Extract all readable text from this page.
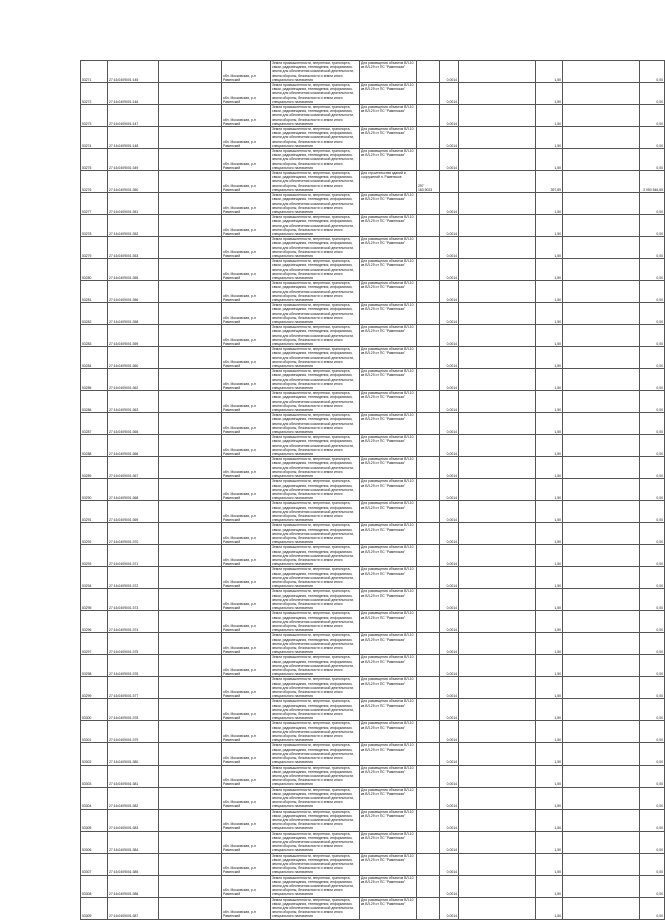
53271	27:16:0409001:145		обл. Московская, р-н Раменский	Земли промышленности, энергетики, транспорта, связи, радиовещания, телевидения, информатики, земли для обеспечения космической деятельности, земли обороны, безопасности и земли иного специального назначения	Для размещения объектов ВЛ-10 кв ВЛ-29 от ПС "Раменская"		0,0014		1,50		0,00
53272	27:16:0409001:146		обл. Московская, р-н Раменский	Земли промышленности, энергетики, транспорта, связи, радиовещания, телевидения, информатики, земли для обеспечения космической деятельности, земли обороны, безопасности и земли иного специального назначения	Для размещения объектов ВЛ-10 кв ВЛ-29 от ПС "Раменская"		0,0014		1,50		0,00
53273	27:16:0409001:147		обл. Московская, р-н Раменский	Земли промышленности, энергетики, транспорта, связи, радиовещания, телевидения, информатики, земли для обеспечения космической деятельности, земли обороны, безопасности и земли иного специального назначения	Для размещения объектов ВЛ-10 кв ВЛ-29 от ПС "Раменская"		0,0014		1,50		0,00
53274	27:16:0409001:148		обл. Московская, р-н Раменский	Земли промышленности, энергетики, транспорта, связи, радиовещания, телевидения, информатики, земли для обеспечения космической деятельности, земли обороны, безопасности и земли иного специального назначения	Для размещения объектов ВЛ-10 кв ВЛ-29 от ПС "Раменская"		0,0014		1,50		0,00
53275	27:16:0409001:349		обл. Московская, р-н Раменский	Земли промышленности, энергетики, транспорта, связи, радиовещания, телевидения, информатики, земли для обеспечения космической деятельности, земли обороны, безопасности и земли иного специального назначения	Для размещения объектов ВЛ-10 кв ВЛ-29 от ПС "Раменская"		0,0014		1,50		0,00
53276	27:16:0409001:350		обл. Московская, р-н Раменский	Земли промышленности, энергетики, транспорта, связи, радиовещания, телевидения, информатики, земли для обеспечения космической деятельности, земли обороны, безопасности и земли иного специального назначения	Для строительства зданий и сооружений п. Раменское	297 183,9023			397,89		2 050 546,65
53277	27:16:0409001:351		обл. Московская, р-н Раменский	Земли промышленности, энергетики, транспорта, связи, радиовещания, телевидения, информатики, земли для обеспечения космической деятельности, земли обороны, безопасности и земли иного специального назначения	Для размещения объектов ВЛ-10 кв ВЛ-29 от ПС "Раменская"		0,0014		1,50		0,00
53278	27:16:0409001:352		обл. Московская, р-н Раменский	Земли промышленности, энергетики, транспорта, связи, радиовещания, телевидения, информатики, земли для обеспечения космической деятельности, земли обороны, безопасности и земли иного специального назначения	Для размещения объектов ВЛ-10 кв ВЛ-29 от ПС "Раменская"		0,0014		1,50		0,00
53279	27:16:0409001:353		обл. Московская, р-н Раменский	Земли промышленности, энергетики, транспорта, связи, радиовещания, телевидения, информатики, земли для обеспечения космической деятельности, земли обороны, безопасности и земли иного специального назначения	Для размещения объектов ВЛ-10 кв ВЛ-29 от ПС "Раменская"		0,0014		1,50		0,00
53280	27:16:0409001:355		обл. Московская, р-н Раменский	Земли промышленности, энергетики, транспорта, связи, радиовещания, телевидения, информатики, земли для обеспечения космической деятельности, земли обороны, безопасности и земли иного специального назначения	Для размещения объектов ВЛ-10 кв ВЛ-29 от ПС "Раменская"		0,0014		1,50		0,00
53281	27:16:0409001:356		обл. Московская, р-н Раменский	Земли промышленности, энергетики, транспорта, связи, радиовещания, телевидения, информатики, земли для обеспечения космической деятельности, земли обороны, безопасности и земли иного специального назначения	Для размещения объектов ВЛ-10 кв ВЛ-29 от ПС "Раменская"		0,0014		1,50		0,00
53282	27:16:0409001:358		обл. Московская, р-н Раменский	Земли промышленности, энергетики, транспорта, связи, радиовещания, телевидения, информатики, земли для обеспечения космической деятельности, земли обороны, безопасности и земли иного специального назначения	Для размещения объектов ВЛ-10 кв ВЛ-29 от ПС "Раменская"		0,0014		1,50		0,00
53283	27:16:0409001:359		обл. Московская, р-н Раменский	Земли промышленности, энергетики, транспорта, связи, радиовещания, телевидения, информатики, земли для обеспечения космической деятельности, земли обороны, безопасности и земли иного специального назначения	Для размещения объектов ВЛ-10 кв ВЛ-29 от ПС "Раменская"		0,0014		1,50		0,00
53284	27:16:0409001:360		обл. Московская, р-н Раменский	Земли промышленности, энергетики, транспорта, связи, радиовещания, телевидения, информатики, земли для обеспечения космической деятельности, земли обороны, безопасности и земли иного специального назначения	Для размещения объектов ВЛ-10 кв ВЛ-29 от ПС "Раменская"		0,0014		1,50		0,00
53285	27:16:0409001:362		обл. Московская, р-н Раменский	Земли промышленности, энергетики, транспорта, связи, радиовещания, телевидения, информатики, земли для обеспечения космической деятельности, земли обороны, безопасности и земли иного специального назначения	Для размещения объектов ВЛ-10 кв ВЛ-29 от ПС "Раменская"		0,0014		1,50		0,00
53286	27:16:0409001:363		обл. Московская, р-н Раменский	Земли промышленности, энергетики, транспорта, связи, радиовещания, телевидения, информатики, земли для обеспечения космической деятельности, земли обороны, безопасности и земли иного специального назначения	Для размещения объектов ВЛ-10 кв ВЛ-29 от ПС "Раменская"		0,0014		1,50		0,00
53287	27:16:0409001:365		обл. Московская, р-н Раменский	Земли промышленности, энергетики, транспорта, связи, радиовещания, телевидения, информатики, земли для обеспечения космической деятельности, земли обороны, безопасности и земли иного специального назначения	Для размещения объектов ВЛ-10 кв ВЛ-29 от ПС "Раменская"		0,0014		1,50		0,00
53288	27:16:0409001:366		обл. Московская, р-н Раменский	Земли промышленности, энергетики, транспорта, связи, радиовещания, телевидения, информатики, земли для обеспечения космической деятельности, земли обороны, безопасности и земли иного специального назначения	Для размещения объектов ВЛ-10 кв ВЛ-29 от ПС "Раменская"		0,0014		1,50		0,00
53289	27:16:0409001:367		обл. Московская, р-н Раменский	Земли промышленности, энергетики, транспорта, связи, радиовещания, телевидения, информатики, земли для обеспечения космической деятельности, земли обороны, безопасности и земли иного специального назначения	Для размещения объектов ВЛ-10 кв ВЛ-29 от ПС "Раменская"		0,0014		1,50		0,00
53290	27:16:0409001:368		обл. Московская, р-н Раменский	Земли промышленности, энергетики, транспорта, связи, радиовещания, телевидения, информатики, земли для обеспечения космической деятельности, земли обороны, безопасности и земли иного специального назначения	Для размещения объектов ВЛ-10 кв ВЛ-29 от ПС "Раменская"		0,0014		1,50		0,00
53291	27:16:0409001:369		обл. Московская, р-н Раменский	Земли промышленности, энергетики, транспорта, связи, радиовещания, телевидения, информатики, земли для обеспечения космической деятельности, земли обороны, безопасности и земли иного специального назначения	Для размещения объектов ВЛ-10 кв ВЛ-29 от ПС "Раменская"		0,0014		1,50		0,00
53292	27:16:0409001:370		обл. Московская, р-н Раменский	Земли промышленности, энергетики, транспорта, связи, радиовещания, телевидения, информатики, земли для обеспечения космической деятельности, земли обороны, безопасности и земли иного специального назначения	Для размещения объектов ВЛ-10 кв ВЛ-29 от ПС "Раменская"		0,0014		1,50		0,00
53293	27:16:0409001:371		обл. Московская, р-н Раменский	Земли промышленности, энергетики, транспорта, связи, радиовещания, телевидения, информатики, земли для обеспечения космической деятельности, земли обороны, безопасности и земли иного специального назначения	Для размещения объектов ВЛ-10 кв ВЛ-29 от ПС "Раменская"		0,0014		1,50		0,00
53294	27:16:0409001:372		обл. Московская, р-н Раменский	Земли промышленности, энергетики, транспорта, связи, радиовещания, телевидения, информатики, земли для обеспечения космической деятельности, земли обороны, безопасности и земли иного специального назначения	Для размещения объектов ВЛ-10 кв ВЛ-29 от ПС "Раменская"		0,0014		1,50		0,00
53295	27:16:0409001:373		обл. Московская, р-н Раменский	Земли промышленности, энергетики, транспорта, связи, радиовещания, телевидения, информатики, земли для обеспечения космической деятельности, земли обороны, безопасности и земли иного специального назначения	Для размещения объектов ВЛ-10 кв ВЛ-29 от ПС "Раменская"		0,0014		1,50		0,00
53296	27:16:0409001:374		обл. Московская, р-н Раменский	Земли промышленности, энергетики, транспорта, связи, радиовещания, телевидения, информатики, земли для обеспечения космической деятельности, земли обороны, безопасности и земли иного специального назначения	Для размещения объектов ВЛ-10 кв ВЛ-29 от ПС "Раменская"		0,0014		1,50		0,00
53297	27:16:0409001:375		обл. Московская, р-н Раменский	Земли промышленности, энергетики, транспорта, связи, радиовещания, телевидения, информатики, земли для обеспечения космической деятельности, земли обороны, безопасности и земли иного специального назначения	Для размещения объектов ВЛ-10 кв ВЛ-29 от ПС "Раменская"		0,0014		1,50		0,00
53298	27:16:0409001:376		обл. Московская, р-н Раменский	Земли промышленности, энергетики, транспорта, связи, радиовещания, телевидения, информатики, земли для обеспечения космической деятельности, земли обороны, безопасности и земли иного специального назначения	Для размещения объектов ВЛ-10 кв ВЛ-29 от ПС "Раменская"		0,0014		1,50		0,00
53299	27:16:0409001:377		обл. Московская, р-н Раменский	Земли промышленности, энергетики, транспорта, связи, радиовещания, телевидения, информатики, земли для обеспечения космической деятельности, земли обороны, безопасности и земли иного специального назначения	Для размещения объектов ВЛ-10 кв ВЛ-29 от ПС "Раменская"		0,0014		1,50		0,00
53300	27:16:0409001:378		обл. Московская, р-н Раменский	Земли промышленности, энергетики, транспорта, связи, радиовещания, телевидения, информатики, земли для обеспечения космической деятельности, земли обороны, безопасности и земли иного специального назначения	Для размещения объектов ВЛ-10 кв ВЛ-29 от ПС "Раменская"		0,0014		1,50		0,00
53301	27:16:0409001:379		обл. Московская, р-н Раменский	Земли промышленности, энергетики, транспорта, связи, радиовещания, телевидения, информатики, земли для обеспечения космической деятельности, земли обороны, безопасности и земли иного специального назначения	Для размещения объектов ВЛ-10 кв ВЛ-29 от ПС "Раменская"		0,0014		1,50		0,00
53302	27:16:0409001:380		обл. Московская, р-н Раменский	Земли промышленности, энергетики, транспорта, связи, радиовещания, телевидения, информатики, земли для обеспечения космической деятельности, земли обороны, безопасности и земли иного специального назначения	Для размещения объектов ВЛ-10 кв ВЛ-29 от ПС "Раменская"		0,0014		1,50		0,00
53303	27:16:0409001:381		обл. Московская, р-н Раменский	Земли промышленности, энергетики, транспорта, связи, радиовещания, телевидения, информатики, земли для обеспечения космической деятельности, земли обороны, безопасности и земли иного специального назначения	Для размещения объектов ВЛ-10 кв ВЛ-29 от ПС "Раменская"		0,0014		1,50		0,00
53304	27:16:0409001:382		обл. Московская, р-н Раменский	Земли промышленности, энергетики, транспорта, связи, радиовещания, телевидения, информатики, земли для обеспечения космической деятельности, земли обороны, безопасности и земли иного специального назначения	Для размещения объектов ВЛ-10 кв ВЛ-29 от ПС "Раменская"		0,0014		1,50		0,00
53305	27:16:0409001:383		обл. Московская, р-н Раменский	Земли промышленности, энергетики, транспорта, связи, радиовещания, телевидения, информатики, земли для обеспечения космической деятельности, земли обороны, безопасности и земли иного специального назначения	Для размещения объектов ВЛ-10 кв ВЛ-29 от ПС "Раменская"		0,0014		1,50		0,00
53306	27:16:0409001:384		обл. Московская, р-н Раменский	Земли промышленности, энергетики, транспорта, связи, радиовещания, телевидения, информатики, земли для обеспечения космической деятельности, земли обороны, безопасности и земли иного специального назначения	Для размещения объектов ВЛ-10 кв ВЛ-29 от ПС "Раменская"		0,0014		1,50		0,00
53307	27:16:0409001:385		обл. Московская, р-н Раменский	Земли промышленности, энергетики, транспорта, связи, радиовещания, телевидения, информатики, земли для обеспечения космической деятельности, земли обороны, безопасности и земли иного специального назначения	Для размещения объектов ВЛ-10 кв ВЛ-29 от ПС "Раменская"		0,0014		1,50		0,00
53308	27:16:0409001:386		обл. Московская, р-н Раменский	Земли промышленности, энергетики, транспорта, связи, радиовещания, телевидения, информатики, земли для обеспечения космической деятельности, земли обороны, безопасности и земли иного специального назначения	Для размещения объектов ВЛ-10 кв ВЛ-29 от ПС "Раменская"		0,0014		1,50		0,00
53309	27:16:0409001:387		обл. Московская, р-н Раменский	Земли промышленности, энергетики, транспорта, связи, радиовещания, телевидения, информатики, земли для обеспечения космической деятельности, земли обороны, безопасности и земли иного специального назначения	Для размещения объектов ВЛ-10 кв ВЛ-29 от ПС "Раменская"		0,0014		1,50		0,00
